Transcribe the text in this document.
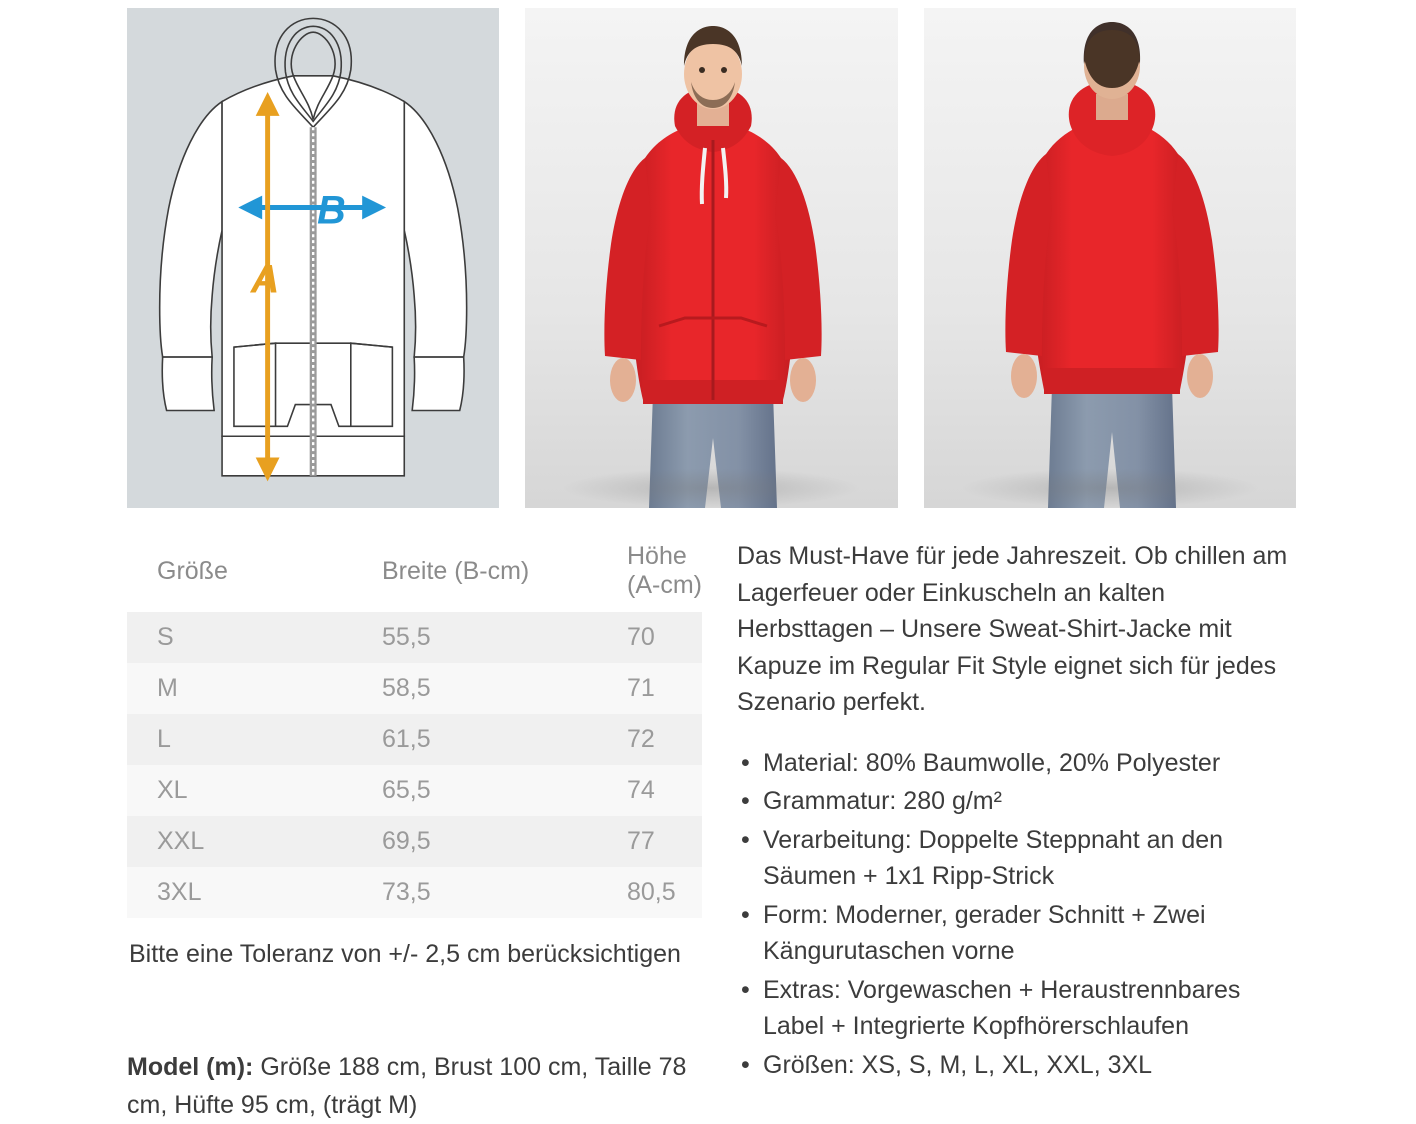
B
A
Größe	Breite (B-cm)	Höhe (A-cm)
S	55,5	70
M	58,5	71
L	61,5	72
XL	65,5	74
XXL	69,5	77
3XL	73,5	80,5
Bitte eine Toleranz von +/- 2,5 cm berücksichtigen
Model (m): Größe 188 cm, Brust 100 cm, Taille 78 cm, Hüfte 95 cm, (trägt M)

Das Must-Have für jede Jahreszeit. Ob chillen am Lagerfeuer oder Einkuscheln an kalten Herbsttagen – Unsere Sweat-Shirt-Jacke mit Kapuze im Regular Fit Style eignet sich für jedes Szenario perfekt.

• Material: 80% Baumwolle, 20% Polyester
• Grammatur: 280 g/m²
• Verarbeitung: Doppelte Steppnaht an den Säumen + 1x1 Ripp-Strick
• Form: Moderner, gerader Schnitt + Zwei Kängurutaschen vorne
• Extras: Vorgewaschen + Heraustrennbares Label + Integrierte Kopfhörerschlaufen
• Größen: XS, S, M, L, XL, XXL, 3XL
